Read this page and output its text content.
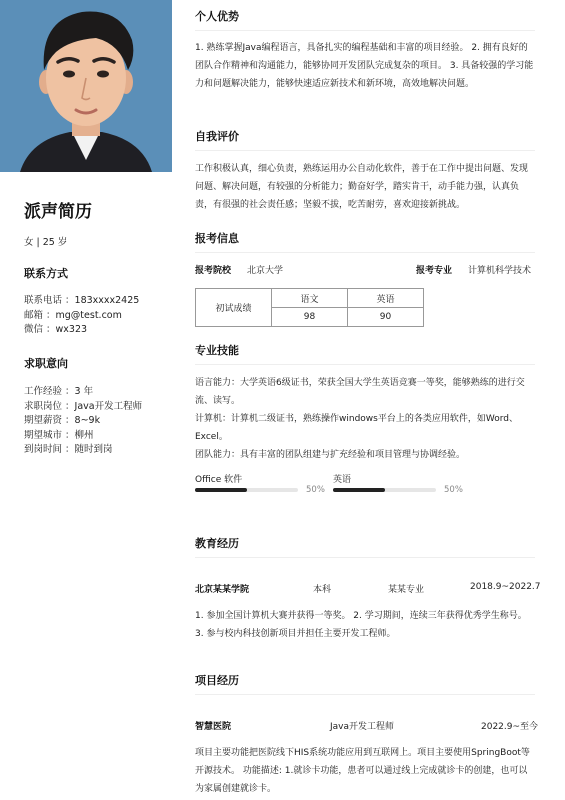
派声简历
女 | 25 岁
联系方式
联系电话 ：183xxxx2425
邮箱 ：mg@test.com
微信 ：wx323
求职意向
工作经验 ：3 年
求职岗位 ：Java开发工程师
期望薪资 ：8~9k
期望城市 ：柳州
到岗时间 ：随时到岗
个人优势
1. 熟练掌握Java编程语言，具备扎实的编程基础和丰富的项目经验。 2. 拥有良好的团队合作精神和沟通能力，能够协同开发团队完成复杂的项目。 3. 具备较强的学习能力和问题解决能力，能够快速适应新技术和新环境，高效地解决问题。
自我评价
工作积极认真，细心负责，熟练运用办公自动化软件，善于在工作中提出问题、发现问题、解决问题，有较强的分析能力；勤奋好学，踏实肯干，动手能力强，认真负责，有很强的社会责任感；坚毅不拔，吃苦耐劳，喜欢迎接新挑战。
报考信息
报考院校 北京大学	报考专业 计算机科学技术
初试成绩	语文	英语
	98	90
专业技能
语言能力：大学英语6级证书，荣获全国大学生英语竞赛一等奖，能够熟练的进行交流、读写。
计算机：计算机二级证书，熟练操作windows平台上的各类应用软件，如Word、Excel。
团队能力：具有丰富的团队组建与扩充经验和项目管理与协调经验。
Office 软件
50%
英语
50%
教育经历
北京某某学院	本科	某某专业	2018.9~2022.7
1. 参加全国计算机大赛并获得一等奖。 2. 学习期间，连续三年获得优秀学生称号。 3. 参与校内科技创新项目并担任主要开发工程师。
项目经历
智慧医院	Java开发工程师	2022.9~至今
项目主要功能把医院线下HIS系统功能应用到互联网上。项目主要使用SpringBoot等开源技术。 功能描述: 1.就诊卡功能，患者可以通过线上完成就诊卡的创建，也可以为家属创建就诊卡。
